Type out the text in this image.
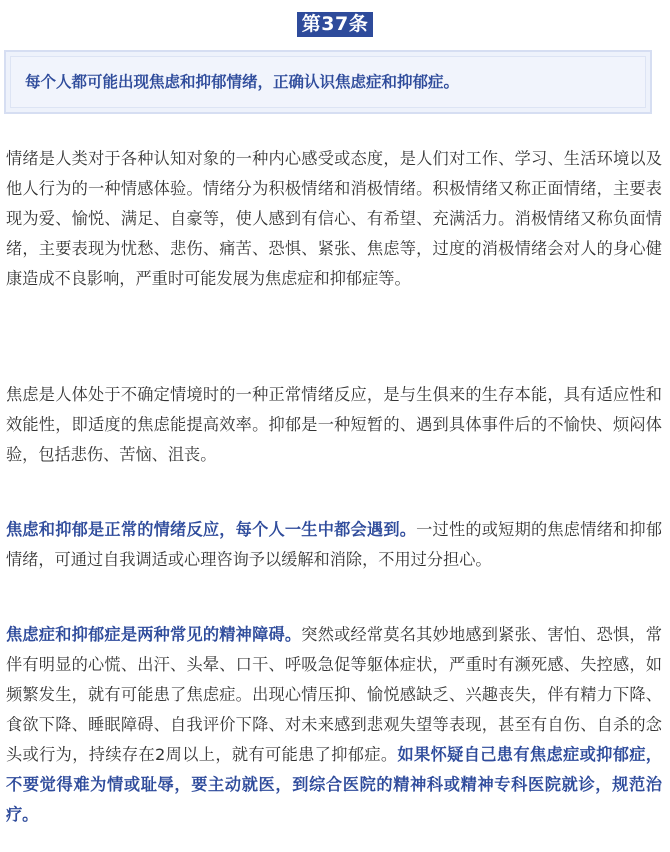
第37条
每个人都可能出现焦虑和抑郁情绪，正确认识焦虑症和抑郁症。

情绪是人类对于各种认知对象的一种内心感受或态度，是人们对工作、学习、生活环境以及他人行为的一种情感体验。情绪分为积极情绪和消极情绪。积极情绪又称正面情绪，主要表现为爱、愉悦、满足、自豪等，使人感到有信心、有希望、充满活力。消极情绪又称负面情绪，主要表现为忧愁、悲伤、痛苦、恐惧、紧张、焦虑等，过度的消极情绪会对人的身心健康造成不良影响，严重时可能发展为焦虑症和抑郁症等。

焦虑是人体处于不确定情境时的一种正常情绪反应，是与生俱来的生存本能，具有适应性和效能性，即适度的焦虑能提高效率。抑郁是一种短暂的、遇到具体事件后的不愉快、烦闷体验，包括悲伤、苦恼、沮丧。

焦虑和抑郁是正常的情绪反应，每个人一生中都会遇到。一过性的或短期的焦虑情绪和抑郁情绪，可通过自我调适或心理咨询予以缓解和消除，不用过分担心。

焦虑症和抑郁症是两种常见的精神障碍。突然或经常莫名其妙地感到紧张、害怕、恐惧，常伴有明显的心慌、出汗、头晕、口干、呼吸急促等躯体症状，严重时有濒死感、失控感，如频繁发生，就有可能患了焦虑症。出现心情压抑、愉悦感缺乏、兴趣丧失，伴有精力下降、食欲下降、睡眠障碍、自我评价下降、对未来感到悲观失望等表现，甚至有自伤、自杀的念头或行为，持续存在2周以上，就有可能患了抑郁症。如果怀疑自己患有焦虑症或抑郁症，不要觉得难为情或耻辱，要主动就医，到综合医院的精神科或精神专科医院就诊，规范治疗。
